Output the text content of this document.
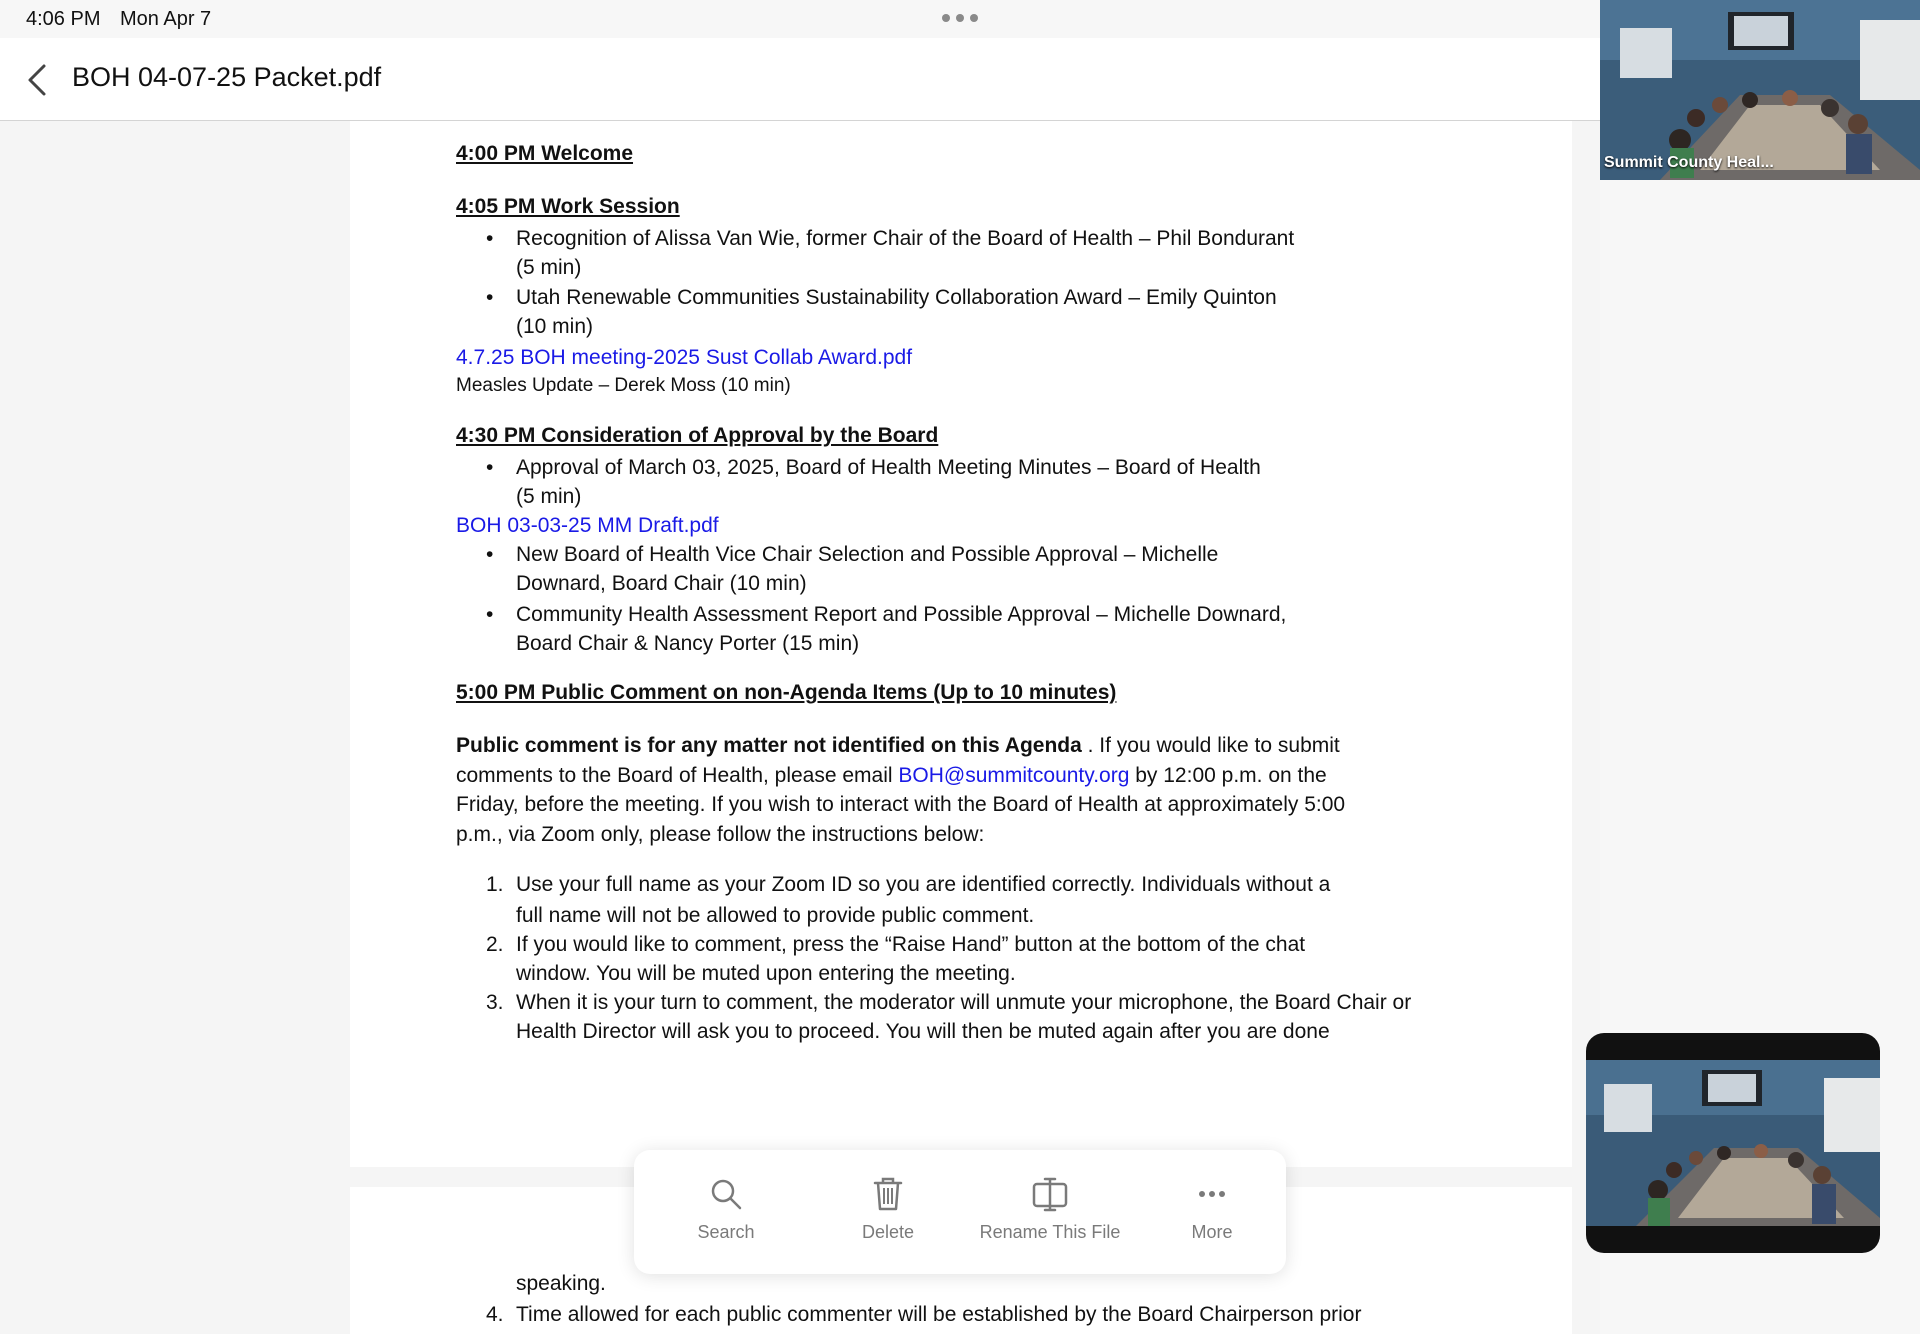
4:06 PM Mon Apr 7
BOH 04-07-25 Packet.pdf
4:00 PM Welcome
4:05 PM Work Session
• Recognition of Alissa Van Wie, former Chair of the Board of Health – Phil Bondurant
(5 min)
• Utah Renewable Communities Sustainability Collaboration Award – Emily Quinton
(10 min)
4.7.25 BOH meeting-2025 Sust Collab Award.pdf
Measles Update – Derek Moss (10 min)
4:30 PM Consideration of Approval by the Board
• Approval of March 03, 2025, Board of Health Meeting Minutes – Board of Health
(5 min)
BOH 03-03-25 MM Draft.pdf
• New Board of Health Vice Chair Selection and Possible Approval – Michelle
Downard, Board Chair (10 min)
• Community Health Assessment Report and Possible Approval – Michelle Downard,
Board Chair & Nancy Porter (15 min)
5:00 PM Public Comment on non-Agenda Items (Up to 10 minutes)
Public comment is for any matter not identified on this Agenda . If you would like to submit
comments to the Board of Health, please email BOH@summitcounty.org by 12:00 p.m. on the
Friday, before the meeting. If you wish to interact with the Board of Health at approximately 5:00
p.m., via Zoom only, please follow the instructions below:
1. Use your full name as your Zoom ID so you are identified correctly. Individuals without a
full name will not be allowed to provide public comment.
2. If you would like to comment, press the “Raise Hand” button at the bottom of the chat
window. You will be muted upon entering the meeting.
3. When it is your turn to comment, the moderator will unmute your microphone, the Board Chair or
Health Director will ask you to proceed. You will then be muted again after you are done
speaking.
4. Time allowed for each public commenter will be established by the Board Chairperson prior
Search	Delete	Rename This File	More
Summit County Heal...
